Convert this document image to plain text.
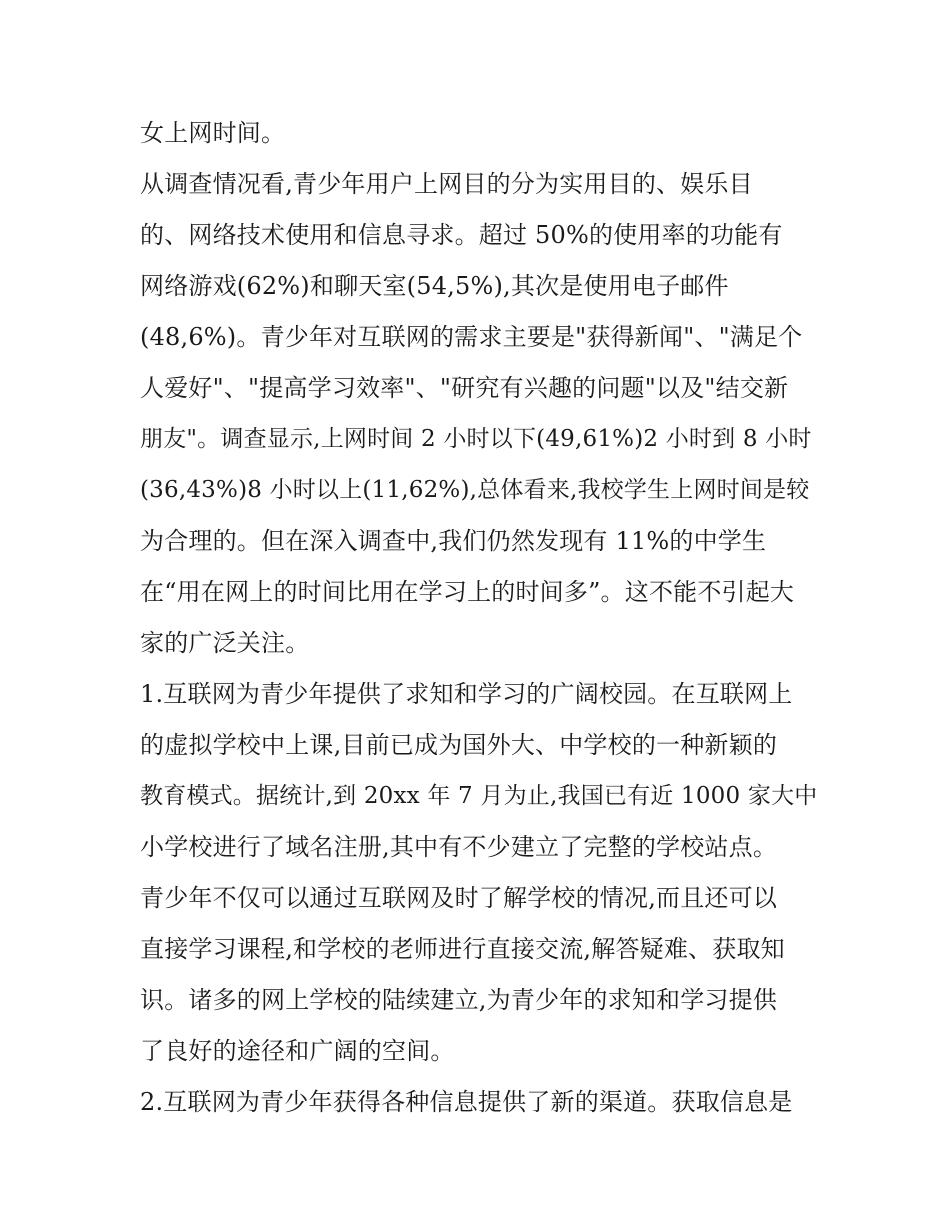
女上网时间。
从调查情况看,青少年用户上网目的分为实用目的、娱乐目
的、网络技术使用和信息寻求。超过 50%的使用率的功能有
网络游戏(62%)和聊天室(54,5%),其次是使用电子邮件
(48,6%)。青少年对互联网的需求主要是"获得新闻"、"满足个
人爱好"、"提高学习效率"、"研究有兴趣的问题"以及"结交新
朋友"。调查显示,上网时间 2 小时以下(49,61%)2 小时到 8 小时
(36,43%)8 小时以上(11,62%),总体看来,我校学生上网时间是较
为合理的。但在深入调查中,我们仍然发现有 11%的中学生
在“用在网上的时间比用在学习上的时间多”。这不能不引起大
家的广泛关注。
1.互联网为青少年提供了求知和学习的广阔校园。在互联网上
的虚拟学校中上课,目前已成为国外大、中学校的一种新颖的
教育模式。据统计,到 20xx 年 7 月为止,我国已有近 1000 家大中
小学校进行了域名注册,其中有不少建立了完整的学校站点。
青少年不仅可以通过互联网及时了解学校的情况,而且还可以
直接学习课程,和学校的老师进行直接交流,解答疑难、获取知
识。诸多的网上学校的陆续建立,为青少年的求知和学习提供
了良好的途径和广阔的空间。
2.互联网为青少年获得各种信息提供了新的渠道。获取信息是
